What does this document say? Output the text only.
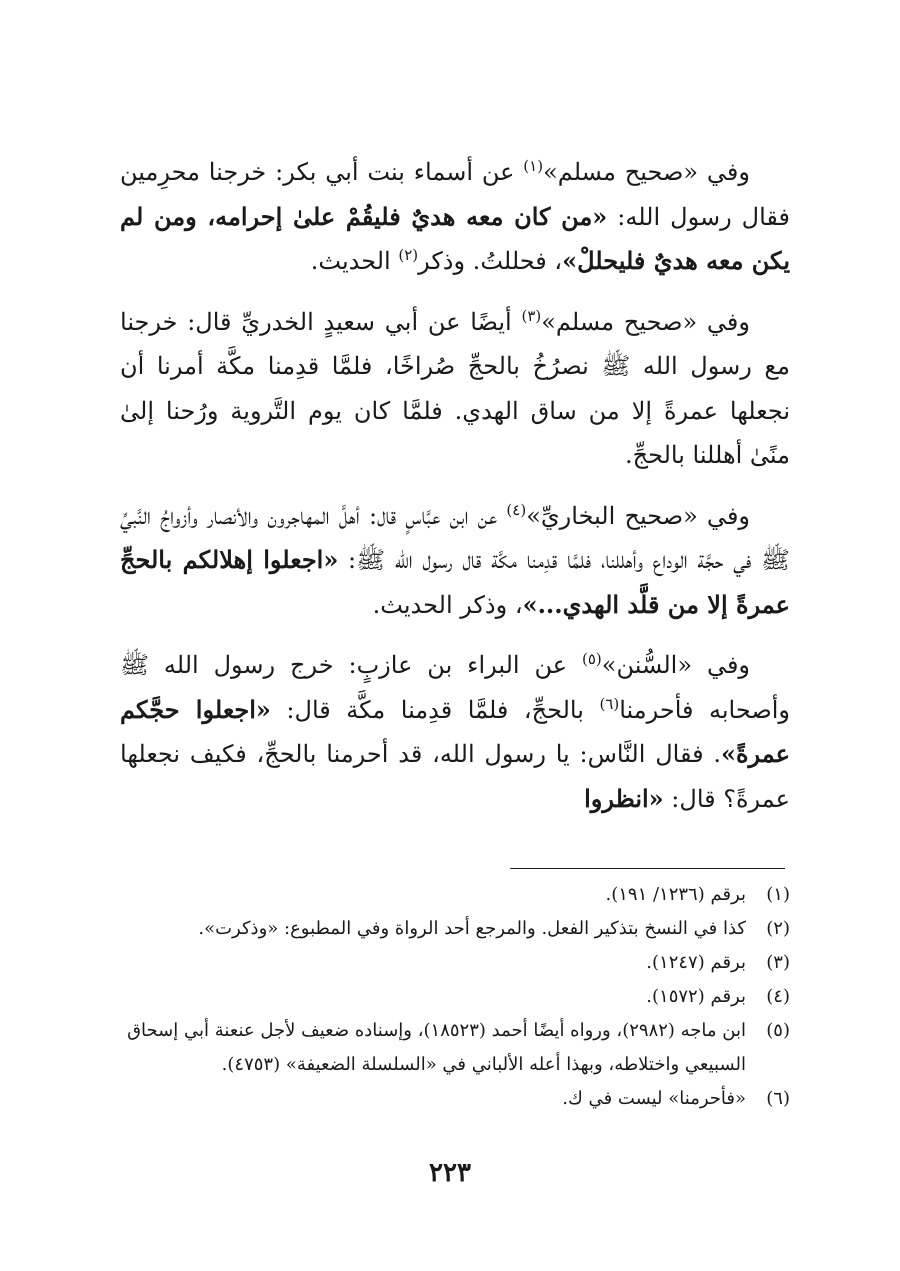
وفي «صحيح مسلم»$^{(١)}$ عن أسماء بنت أبي بكر: خرجنا محرِمين فقال رسول الله: «من كان معه هديٌ فليقُمْ علىٰ إحرامه، ومن لم يكن معه هديٌ فليحللْ»، فحللتُ. وذكر$^{(٢)}$ الحديث.

وفي «صحيح مسلم»$^{(٣)}$ أيضًا عن أبي سعيدٍ الخدريِّ قال: خرجنا مع رسول الله ﷺ نصرُخُ بالحجِّ صُراخًا، فلمَّا قدِمنا مكَّة أمرنا أن نجعلها عمرةً إلا من ساق الهدي. فلمَّا كان يوم التَّروية ورُحنا إلىٰ منًىٰ أهللنا بالحجِّ.

وفي «صحيح البخاريِّ»$^{(٤)}$ عن ابن عبَّاسٍ قال: أهلَّ المهاجرون والأنصار وأزواجُ النَّبيِّ ﷺ في حجَّة الوداع وأهللنا، فلمَّا قدِمنا مكَّة قال رسول الله ﷺ: «اجعلوا إهلالكم بالحجِّ عمرةً إلا من قلَّد الهدي...»، وذكر الحديث.

وفي «السُّنن»$^{(٥)}$ عن البراء بن عازبٍ: خرج رسول الله ﷺ وأصحابه فأحرمنا$^{(٦)}$ بالحجِّ، فلمَّا قدِمنا مكَّة قال: «اجعلوا حجَّكم عمرةً». فقال النَّاس: يا رسول الله، قد أحرمنا بالحجِّ، فكيف نجعلها عمرةً؟ قال: «انظروا

(١)
برقم (١٢٣٦/ ١٩١).
(٢)
كذا في النسخ بتذكير الفعل. والمرجع أحد الرواة وفي المطبوع: «وذكرت».
(٣)
برقم (١٢٤٧).
(٤)
برقم (١٥٧٢).
(٥)
ابن ماجه (٢٩٨٢)، ورواه أيضًا أحمد (١٨٥٢٣)، وإسناده ضعيف لأجل عنعنة أبي إسحاق السبيعي واختلاطه، وبهذا أعله الألباني في «السلسلة الضعيفة» (٤٧٥٣).
(٦)
«فأحرمنا» ليست في ك.
٢٢٣
